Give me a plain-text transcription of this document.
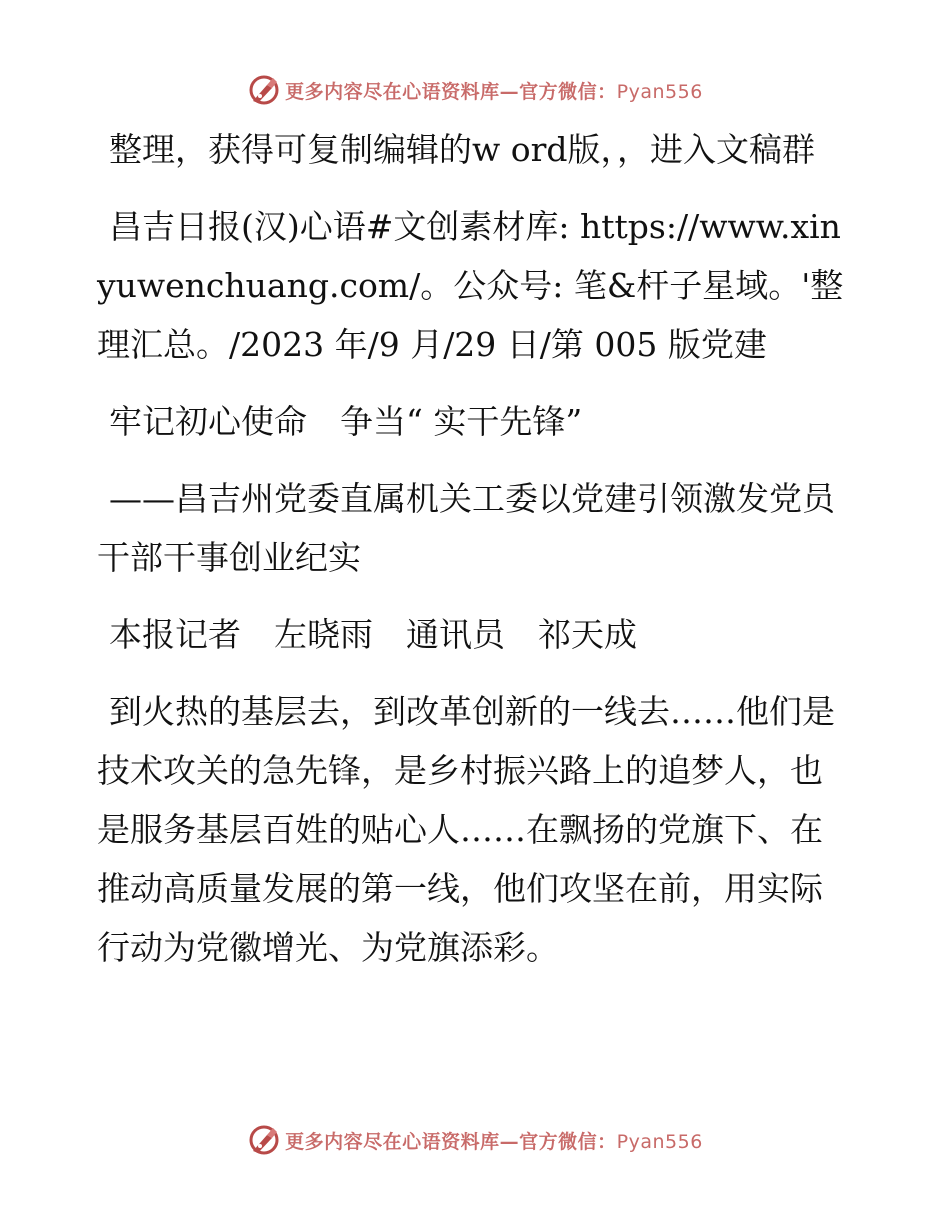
更多内容尽在心语资料库—官方微信：Pyan556

整理，获得可复制编辑的w ord版，，进入文稿群

昌吉日报(汉)心语#文创素材库: https://www.xinyuwenchuang.com/。公众号: 笔&杆子星域。'整理汇总。/2023 年/9 月/29 日/第 005 版党建

牢记初心使命　争当“ 实干先锋”

——昌吉州党委直属机关工委以党建引领激发党员干部干事创业纪实

本报记者　左晓雨　通讯员　祁天成

到火热的基层去，到改革创新的一线去……他们是技术攻关的急先锋，是乡村振兴路上的追梦人，也是服务基层百姓的贴心人……在飘扬的党旗下、在推动高质量发展的第一线，他们攻坚在前，用实际行动为党徽增光、为党旗添彩。

更多内容尽在心语资料库—官方微信：Pyan556
